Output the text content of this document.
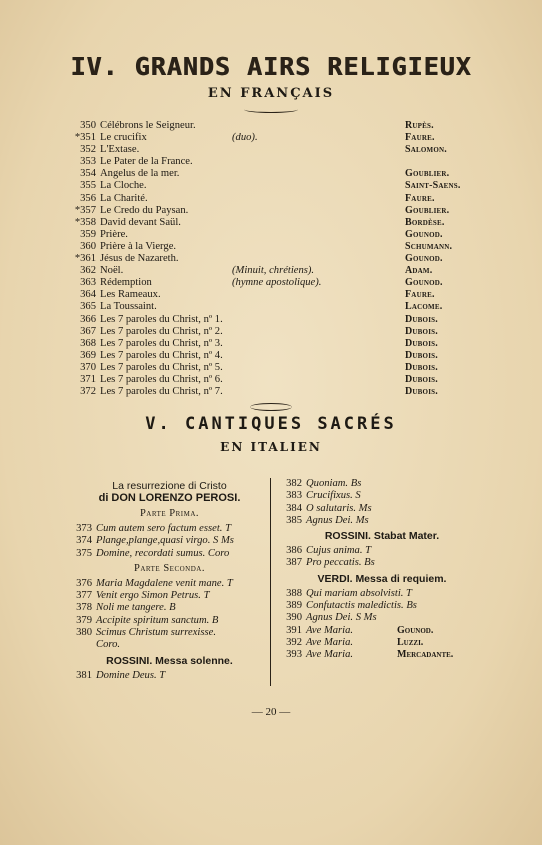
IV. GRANDS AIRS RELIGIEUX
EN FRANÇAIS
350 Célébrons le Seigneur.	Rupès.
*351 Le crucifix	(duo).	Faure.
352 L'Extase.	Salomon.
353 Le Pater de la France.
354 Angelus de la mer.	Goublier.
355 La Cloche.	Saint-Saens.
356 La Charité.	Faure.
*357 Le Credo du Paysan.	Goublier.
*358 David devant Saül.	Bordèse.
359 Prière.	Gounod.
360 Prière à la Vierge.	Schumann.
*361 Jésus de Nazareth.	Gounod.
362 Noël.	(Minuit, chrétiens).	Adam.
363 Rédemption	(hymne apostolique).	Gounod.
364 Les Rameaux.	Faure.
365 La Toussaint.	Lacome.
366 Les 7 paroles du Christ, nº 1.	Dubois.
367 Les 7 paroles du Christ, nº 2.	Dubois.
368 Les 7 paroles du Christ, nº 3.	Dubois.
369 Les 7 paroles du Christ, nº 4.	Dubois.
370 Les 7 paroles du Christ, nº 5.	Dubois.
371 Les 7 paroles du Christ, nº 6.	Dubois.
372 Les 7 paroles du Christ, nº 7.	Dubois.
V. CANTIQUES SACRÉS
EN ITALIEN
La resurrezione di Cristo
di DON LORENZO PEROSI.
Parte Prima.
373 Cum autem sero factum esset. T
374 Plange,plange,quasi virgo. S Ms
375 Domine, recordati sumus. Coro
Parte Seconda.
376 Maria Magdalene venit mane. T
377 Venit ergo Simon Petrus. T
378 Noli me tangere. B
379 Accipite spiritum sanctum. B
380 Scimus Christum surrexisse.
Coro.
ROSSINI. Messa solenne.
381 Domine Deus. T
382 Quoniam. Bs
383 Crucifixus. S
384 O salutaris. Ms
385 Agnus Dei. Ms
ROSSINI. Stabat Mater.
386 Cujus anima. T
387 Pro peccatis. Bs
VERDI. Messa di requiem.
388 Qui mariam absolvisti. T
389 Confutactis maledictis. Bs
390 Agnus Dei. S Ms
391 Ave Maria.	Gounod.
392 Ave Maria.	Luzzi.
393 Ave Maria.	Mercadante.
— 20 —
